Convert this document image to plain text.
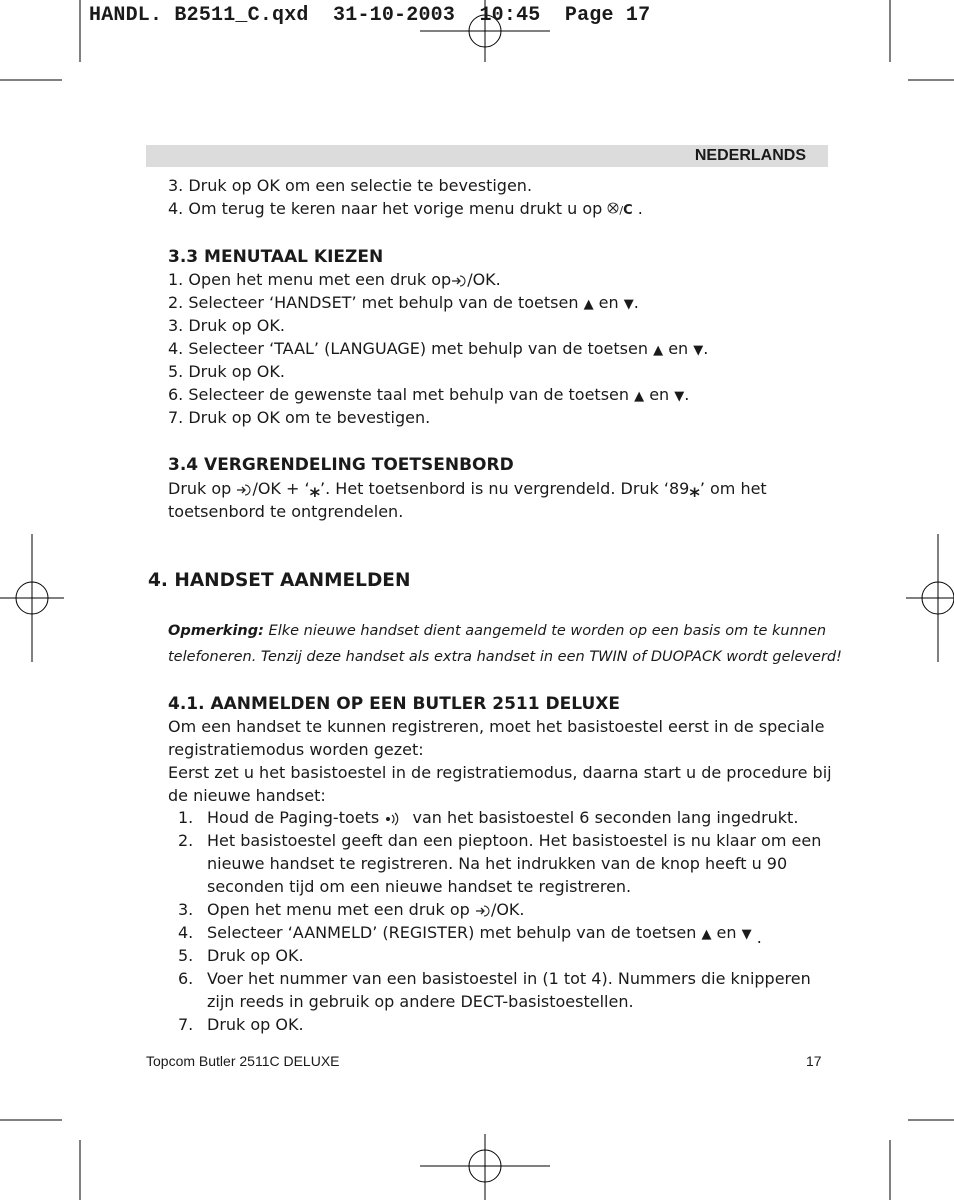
HANDL. B2511_C.qxd  31-10-2003  10:45  Page 17
NEDERLANDS
3. Druk op OK om een selectie te bevestigen.
4. Om terug te keren naar het vorige menu drukt u op /C .
3.3 MENUTAAL KIEZEN
1. Open het menu met een druk op /OK.
2. Selecteer ‘HANDSET’ met behulp van de toetsen ▲ en ▼.
3. Druk op OK.
4. Selecteer ‘TAAL’ (LANGUAGE) met behulp van de toetsen ▲ en ▼.
5. Druk op OK.
6. Selecteer de gewenste taal met behulp van de toetsen ▲ en ▼.
7. Druk op OK om te bevestigen.
3.4 VERGRENDELING TOETSENBORD
Druk op /OK + ‘⁎’. Het toetsenbord is nu vergrendeld. Druk ‘89⁎’ om het
toetsenbord te ontgrendelen.
4. HANDSET AANMELDEN
Opmerking: Elke nieuwe handset dient aangemeld te worden op een basis om te kunnen
telefoneren. Tenzij deze handset als extra handset in een TWIN of DUOPACK wordt geleverd!
4.1. AANMELDEN OP EEN BUTLER 2511 DELUXE
Om een handset te kunnen registreren, moet het basistoestel eerst in de speciale
registratiemodus worden gezet:
Eerst zet u het basistoestel in de registratiemodus, daarna start u de procedure bij
de nieuwe handset:
1. Houd de Paging-toets van het basistoestel 6 seconden lang ingedrukt.
2. Het basistoestel geeft dan een pieptoon. Het basistoestel is nu klaar om een
nieuwe handset te registreren. Na het indrukken van de knop heeft u 90
seconden tijd om een nieuwe handset te registreren.
3. Open het menu met een druk op /OK.
4. Selecteer ‘AANMELD’ (REGISTER) met behulp van de toetsen ▲ en ▼ .
5. Druk op OK.
6. Voer het nummer van een basistoestel in (1 tot 4). Nummers die knipperen
zijn reeds in gebruik op andere DECT-basistoestellen.
7. Druk op OK.
Topcom Butler 2511C DELUXE	17
